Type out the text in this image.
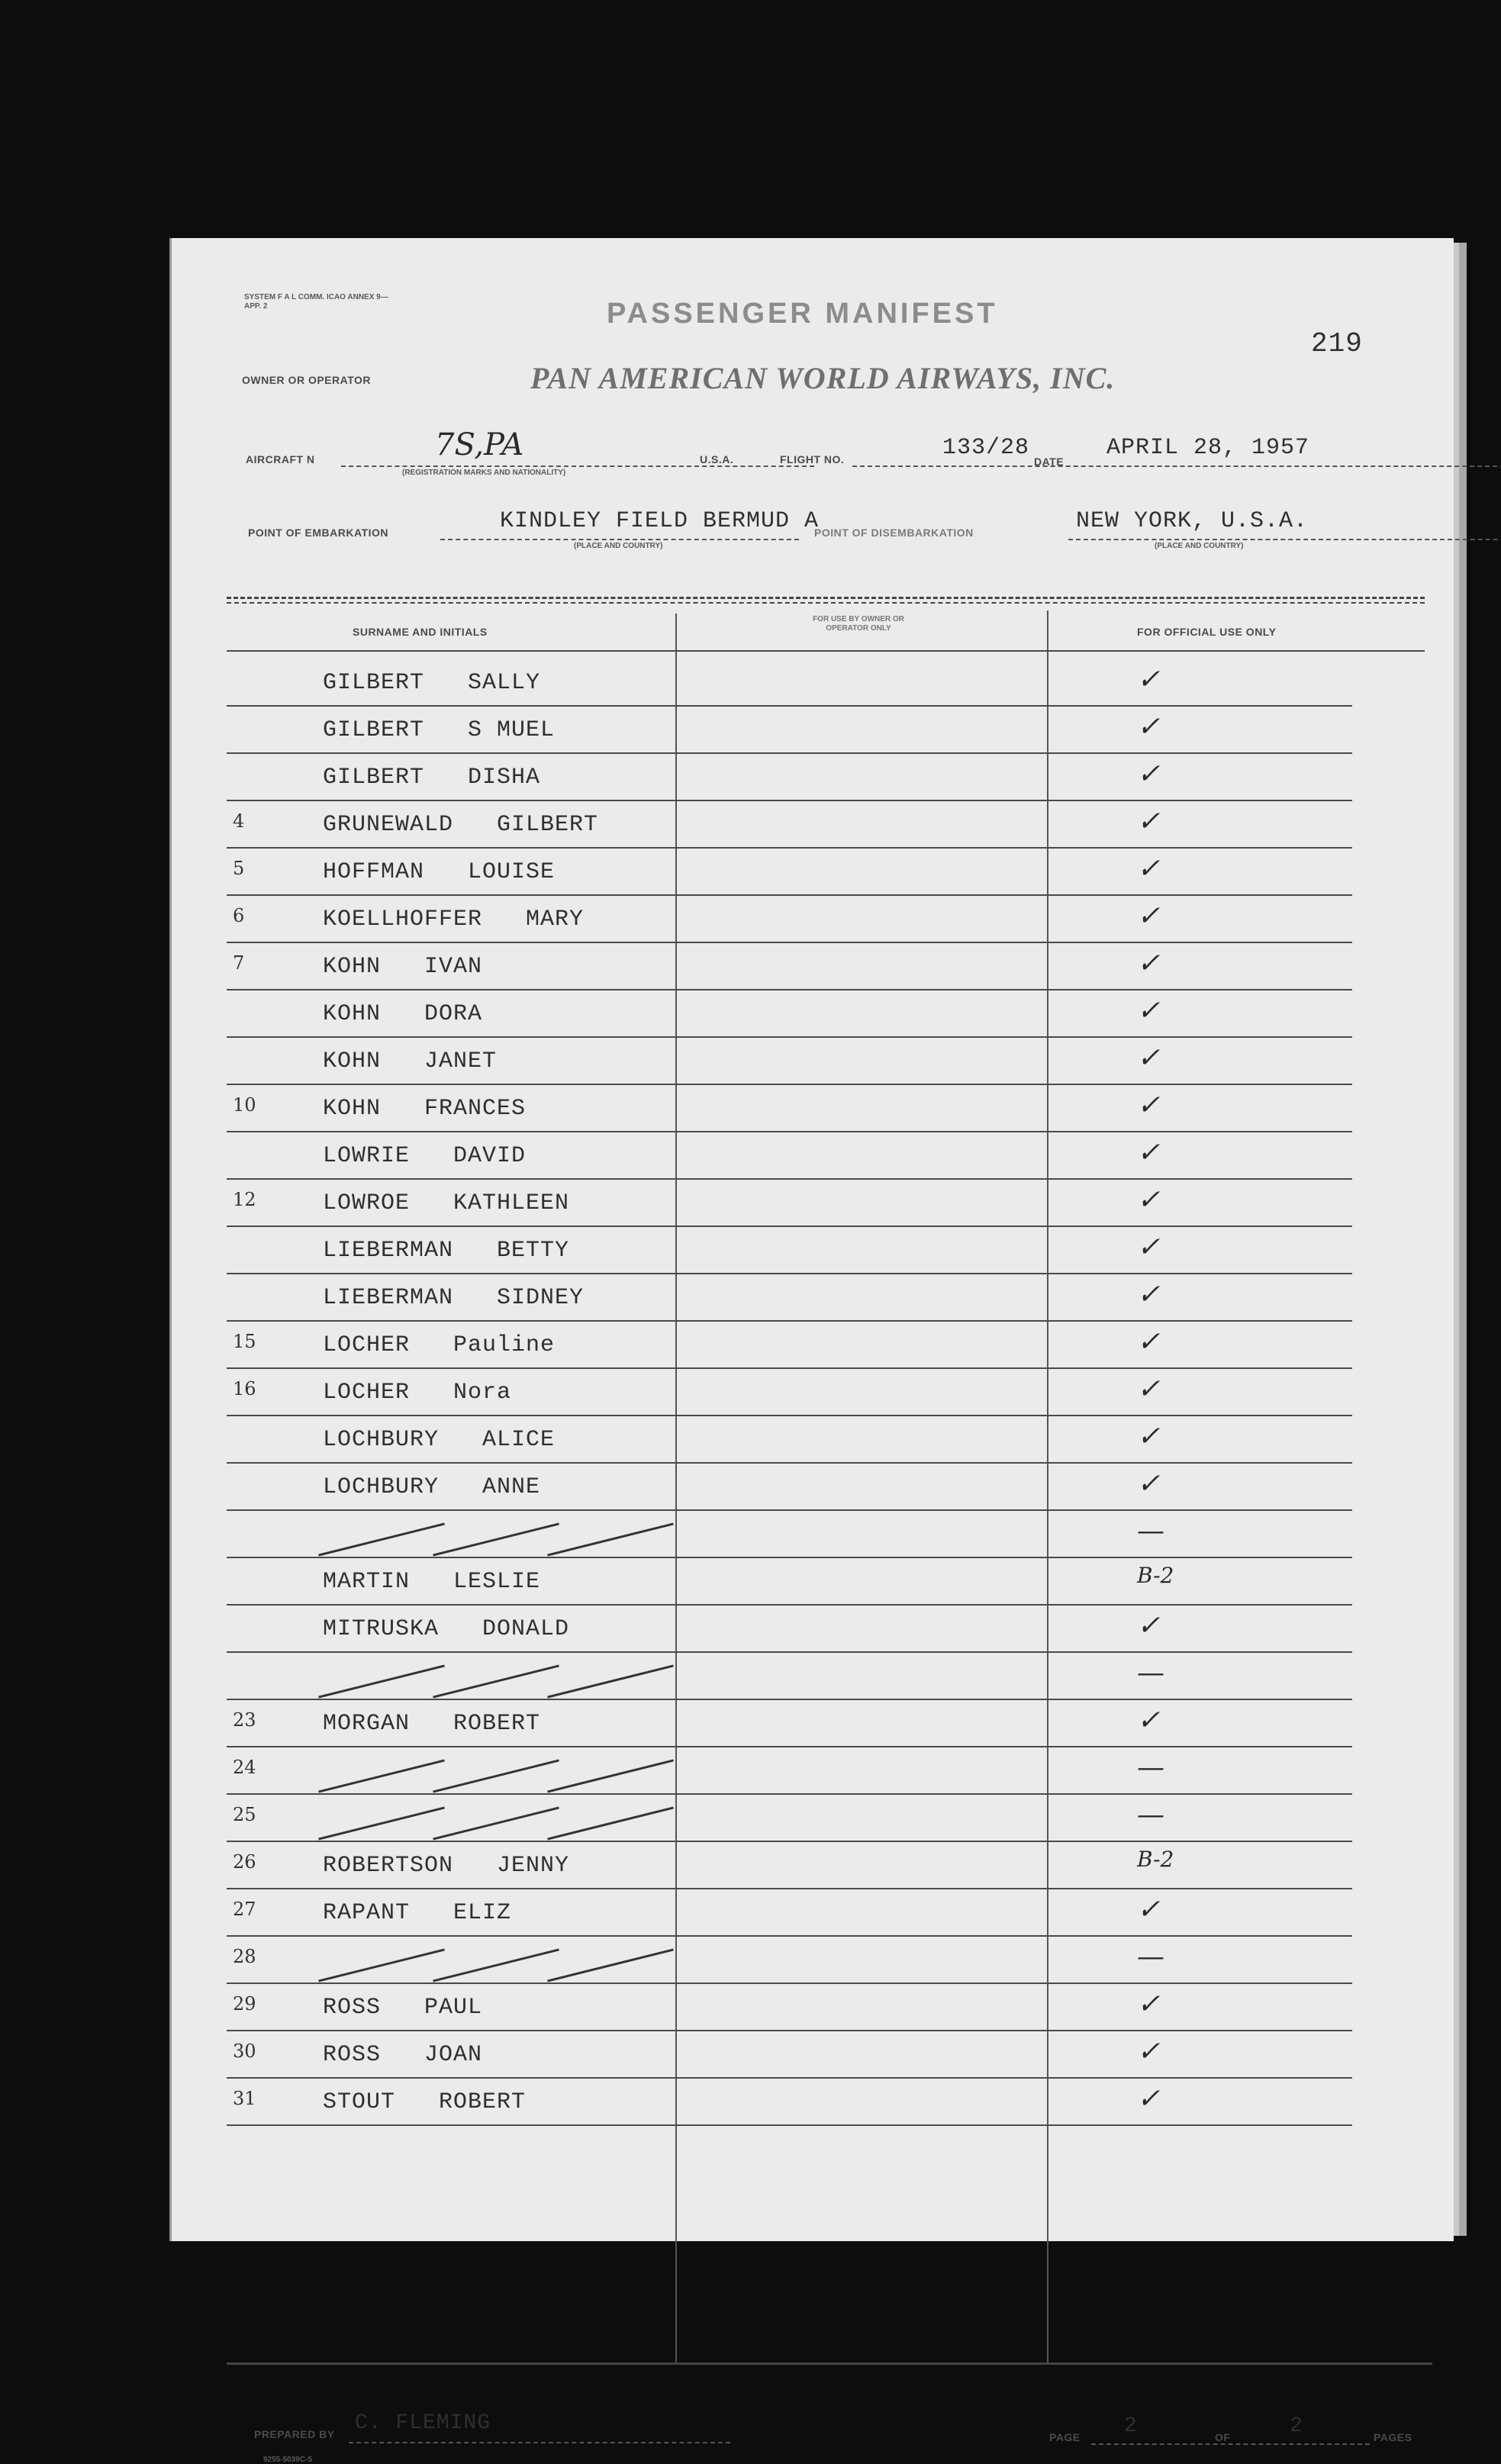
SYSTEM F A L COMM. ICAO ANNEX 9—APP. 2	PASSENGER MANIFEST
219
OWNER OR OPERATOR	PAN AMERICAN WORLD AIRWAYS, INC.
AIRCRAFT N	7S,PA
(REGISTRATION MARKS AND NATIONALITY)
U.S.A.	FLIGHT NO.	133/28
DATE
APRIL 28, 1957
POINT OF EMBARKATION	KINDLEY FIELD BERMUD A
(PLACE AND COUNTRY)
POINT OF DISEMBARKATION	NEW YORK, U.S.A.
(PLACE AND COUNTRY)
SURNAME AND INITIALS
FOR USE BY OWNER OR OPERATOR ONLY	FOR OFFICIAL USE ONLY
GILBERT   SALLY	✓
GILBERT   S MUEL	✓
GILBERT   DISHA	✓
4	GRUNEWALD   GILBERT	✓
5	HOFFMAN   LOUISE	✓
6	KOELLHOFFER   MARY	✓
7	KOHN   IVAN	✓
KOHN   DORA	✓
KOHN   JANET	✓
10	KOHN   FRANCES	✓
LOWRIE   DAVID	✓
12	LOWROE   KATHLEEN	✓
LIEBERMAN   BETTY	✓
LIEBERMAN   SIDNEY	✓
15	LOCHER   Pauline	✓
16	LOCHER   Nora	✓
LOCHBURY   ALICE	✓
LOCHBURY   ANNE	✓
—
MARTIN   LESLIE	B-2
MITRUSKA   DONALD	✓
—
23	MORGAN   ROBERT	✓
24	—
25	—
26	ROBERTSON   JENNY	B-2
27	RAPANT   ELIZ	✓
28	—
29	ROSS   PAUL	✓
30	ROSS   JOAN	✓
31	STOUT   ROBERT	✓
PREPARED BY C. FLEMING
9255-5039C-5
PAGE 2	OF	2	PAGES
